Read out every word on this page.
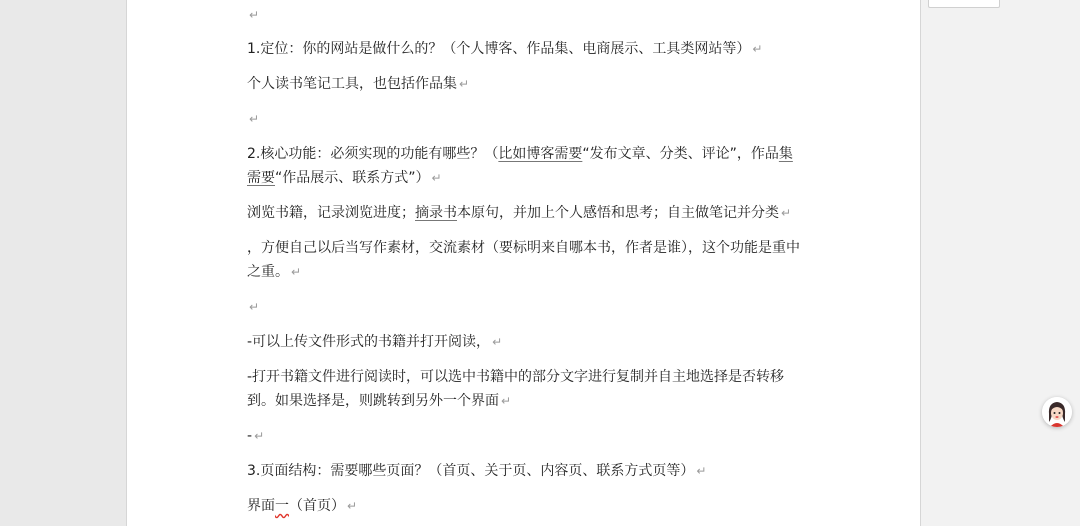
↵
1.定位：你的网站是做什么的？（个人博客、作品集、电商展示、工具类网站等） ↵
个人读书笔记工具，也包括作品集 ↵
↵
2.核心功能：必须实现的功能有哪些？（比如博客需要“发布文章、分类、评论”，作品集
需要“作品展示、联系方式”） ↵
浏览书籍，记录浏览进度；摘录书本原句，并加上个人感悟和思考；自主做笔记并分类 ↵
，方便自己以后当写作素材，交流素材（要标明来自哪本书，作者是谁），这个功能是重中
之重。 ↵
↵
-可以上传文件形式的书籍并打开阅读， ↵
-打开书籍文件进行阅读时，可以选中书籍中的部分文字进行复制并自主地选择是否转移
到。如果选择是，则跳转到另外一个界面 ↵
- ↵
3.页面结构：需要哪些页面？（首页、关于页、内容页、联系方式页等） ↵
界面一（首页） ↵
